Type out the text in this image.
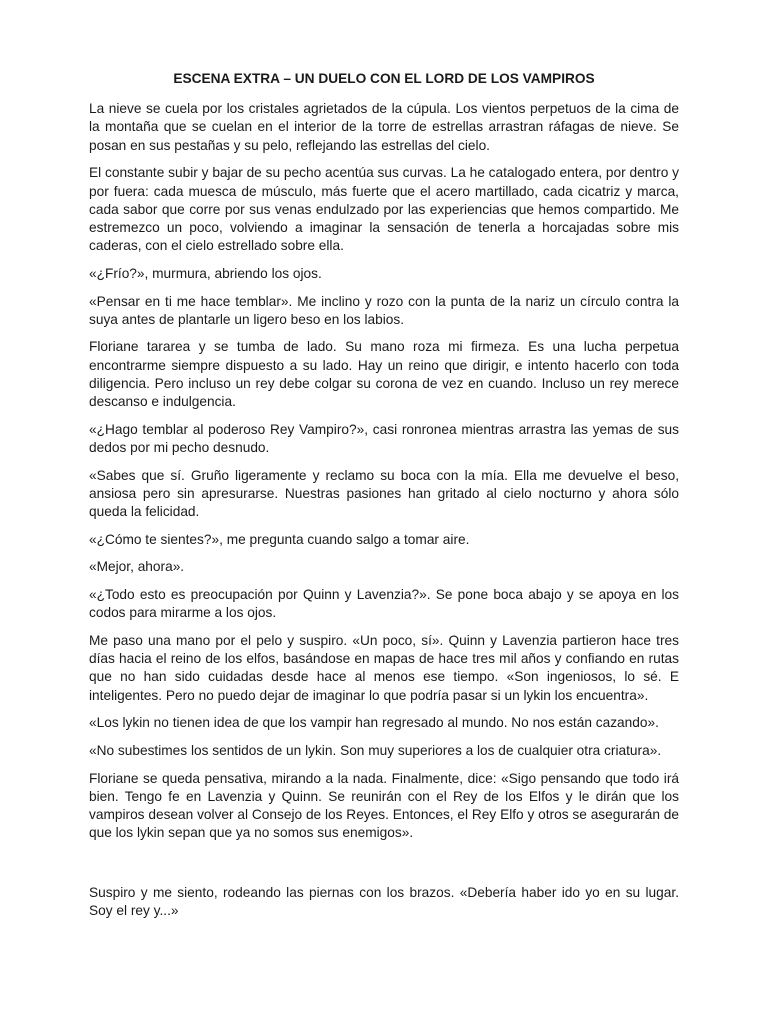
ESCENA EXTRA – UN DUELO CON EL LORD DE LOS VAMPIROS

La nieve se cuela por los cristales agrietados de la cúpula. Los vientos perpetuos de la cima de la montaña que se cuelan en el interior de la torre de estrellas arrastran ráfagas de nieve. Se posan en sus pestañas y su pelo, reflejando las estrellas del cielo.

El constante subir y bajar de su pecho acentúa sus curvas. La he catalogado entera, por dentro y por fuera: cada muesca de músculo, más fuerte que el acero martillado, cada cicatriz y marca, cada sabor que corre por sus venas endulzado por las experiencias que hemos compartido. Me estremezco un poco, volviendo a imaginar la sensación de tenerla a horcajadas sobre mis caderas, con el cielo estrellado sobre ella.

«¿Frío?», murmura, abriendo los ojos.

«Pensar en ti me hace temblar». Me inclino y rozo con la punta de la nariz un círculo contra la suya antes de plantarle un ligero beso en los labios.

Floriane tararea y se tumba de lado. Su mano roza mi firmeza. Es una lucha perpetua encontrarme siempre dispuesto a su lado. Hay un reino que dirigir, e intento hacerlo con toda diligencia. Pero incluso un rey debe colgar su corona de vez en cuando. Incluso un rey merece descanso e indulgencia.

«¿Hago temblar al poderoso Rey Vampiro?», casi ronronea mientras arrastra las yemas de sus dedos por mi pecho desnudo.

«Sabes que sí. Gruño ligeramente y reclamo su boca con la mía. Ella me devuelve el beso, ansiosa pero sin apresurarse. Nuestras pasiones han gritado al cielo nocturno y ahora sólo queda la felicidad.

«¿Cómo te sientes?», me pregunta cuando salgo a tomar aire.

«Mejor, ahora».

«¿Todo esto es preocupación por Quinn y Lavenzia?». Se pone boca abajo y se apoya en los codos para mirarme a los ojos.

Me paso una mano por el pelo y suspiro. «Un poco, sí». Quinn y Lavenzia partieron hace tres días hacia el reino de los elfos, basándose en mapas de hace tres mil años y confiando en rutas que no han sido cuidadas desde hace al menos ese tiempo. «Son ingeniosos, lo sé. E inteligentes. Pero no puedo dejar de imaginar lo que podría pasar si un lykin los encuentra».

«Los lykin no tienen idea de que los vampir han regresado al mundo. No nos están cazando».

«No subestimes los sentidos de un lykin. Son muy superiores a los de cualquier otra criatura».

Floriane se queda pensativa, mirando a la nada. Finalmente, dice: «Sigo pensando que todo irá bien. Tengo fe en Lavenzia y Quinn. Se reunirán con el Rey de los Elfos y le dirán que los vampiros desean volver al Consejo de los Reyes. Entonces, el Rey Elfo y otros se asegurarán de que los lykin sepan que ya no somos sus enemigos».

Suspiro y me siento, rodeando las piernas con los brazos. «Debería haber ido yo en su lugar. Soy el rey y...»
